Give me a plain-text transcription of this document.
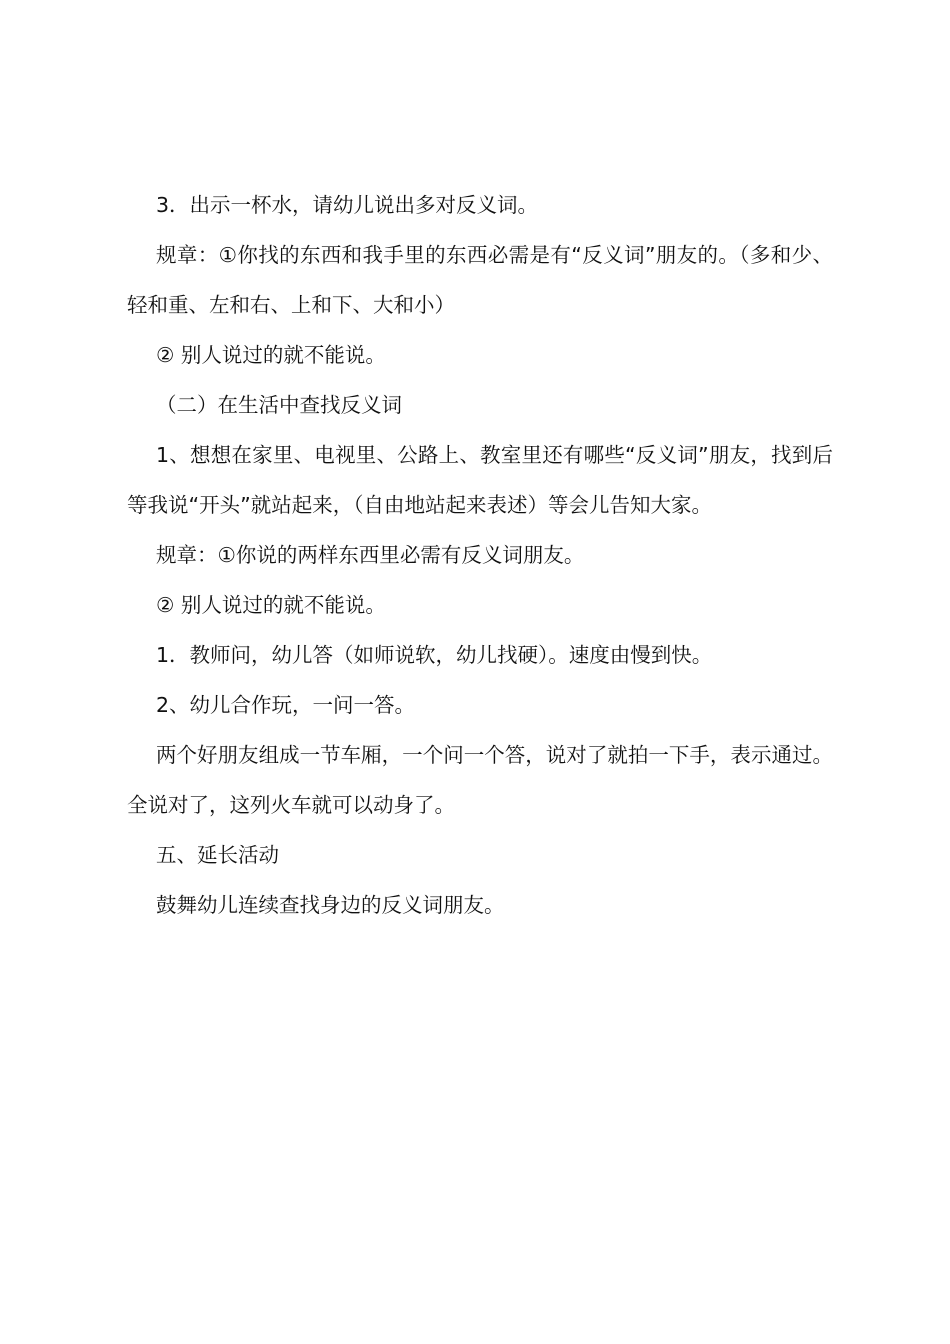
3．出示一杯水，请幼儿说出多对反义词。

规章：①你找的东西和我手里的东西必需是有“反义词”朋友的。（多和少、轻和重、左和右、上和下、大和小）

② 别人说过的就不能说。

（二）在生活中查找反义词

1、想想在家里、电视里、公路上、教室里还有哪些“反义词”朋友，找到后等我说“开头”就站起来，（自由地站起来表述）等会儿告知大家。

规章：①你说的两样东西里必需有反义词朋友。

② 别人说过的就不能说。

1．教师问，幼儿答（如师说软，幼儿找硬）。速度由慢到快。

2、幼儿合作玩，一问一答。

两个好朋友组成一节车厢，一个问一个答，说对了就拍一下手，表示通过。全说对了，这列火车就可以动身了。

五、延长活动

鼓舞幼儿连续查找身边的反义词朋友。
